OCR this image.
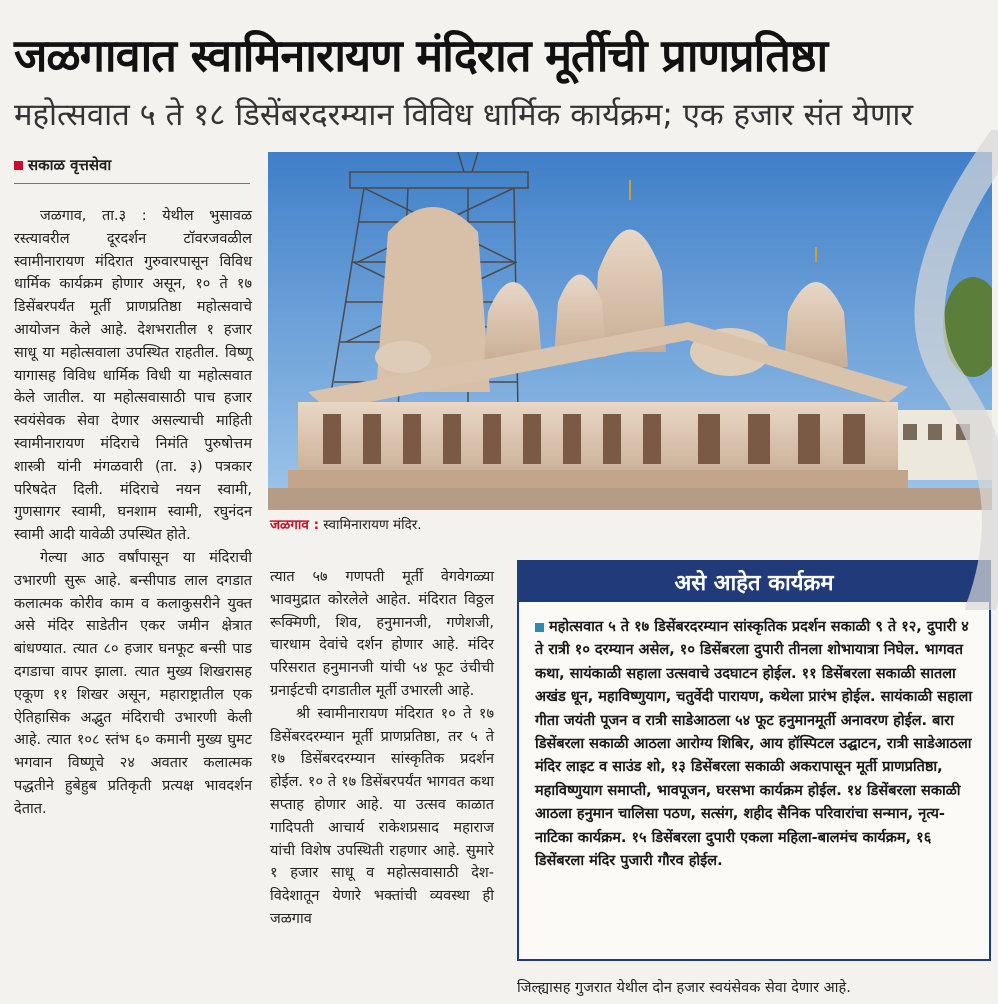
जळगावात स्वामिनारायण मंदिरात मूर्तीची प्राणप्रतिष्ठा
महोत्सवात ५ ते १८ डिसेंबरदरम्यान विविध धार्मिक कार्यक्रम; एक हजार संत येणार
सकाळ वृत्तसेवा

जळगाव, ता.३ : येथील भुसावळ रस्त्यावरील दूरदर्शन टॉवरजवळील स्वामीनारायण मंदिरात गुरुवारपासून विविध धार्मिक कार्यक्रम होणार असून, १० ते १७ डिसेंबरपर्यंत मूर्ती प्राणप्रतिष्ठा महोत्सवाचे आयोजन केले आहे. देशभरातील १ हजार साधू या महोत्सवाला उपस्थित राहतील. विष्णू यागासह विविध धार्मिक विधी या महोत्सवात केले जातील. या महोत्सवासाठी पाच हजार स्वयंसेवक सेवा देणार असल्याची माहिती स्वामीनारायण मंदिराचे निमंति पुरुषोत्तम शास्त्री यांनी मंगळवारी (ता. ३) पत्रकार परिषदेत दिली. मंदिराचे नयन स्वामी, गुणसागर स्वामी, घनशाम स्वामी, रघुनंदन स्वामी आदी यावेळी उपस्थित होते.

गेल्या आठ वर्षांपासून या मंदिराची उभारणी सुरू आहे. बन्सीपाड लाल दगडात कलात्मक कोरीव काम व कलाकुसरीने युक्त असे मंदिर साडेतीन एकर जमीन क्षेत्रात बांधण्यात. त्यात ८० हजार घनफूट बन्सी पाड दगडाचा वापर झाला. त्यात मुख्य शिखरासह एकूण ११ शिखर असून, महाराष्ट्रातील एक ऐतिहासिक अद्भुत मंदिराची उभारणी केली आहे. त्यात १०८ स्तंभ ६० कमानी मुख्य घुमट भगवान विष्णूचे २४ अवतार कलात्मक पद्धतीने हुबेहुब प्रतिकृती प्रत्यक्ष भावदर्शन देतात.

जळगाव : स्वामिनारायण मंदिर.

त्यात ५७ गणपती मूर्ती वेगवेगळ्या भावमुद्रात कोरलेले आहेत. मंदिरात विठ्ठल रूक्मिणी, शिव, हनुमानजी, गणेशजी, चारधाम देवांचे दर्शन होणार आहे. मंदिर परिसरात हनुमानजी यांची ५४ फूट उंचीची ग्रनाईटची दगडातील मूर्ती उभारली आहे.

श्री स्वामीनारायण मंदिरात १० ते १७ डिसेंबरदरम्यान मूर्ती प्राणप्रतिष्ठा, तर ५ ते १७ डिसेंबरदरम्यान सांस्कृतिक प्रदर्शन होईल. १० ते १७ डिसेंबरपर्यंत भागवत कथा सप्ताह होणार आहे. या उत्सव काळात गादिपती आचार्य राकेशप्रसाद महाराज यांची विशेष उपस्थिती राहणार आहे. सुमारे १ हजार साधू व महोत्सवासाठी देश-विदेशातून येणारे भक्तांची व्यवस्था ही जळगाव

असे आहेत कार्यक्रम
महोत्सवात ५ ते १७ डिसेंबरदरम्यान सांस्कृतिक प्रदर्शन सकाळी ९ ते १२, दुपारी ४ ते रात्री १० दरम्यान असेल, १० डिसेंबरला दुपारी तीनला शोभायात्रा निघेल. भागवत कथा, सायंकाळी सहाला उत्सवाचे उदघाटन होईल. ११ डिसेंबरला सकाळी सातला अखंड धून, महाविष्णुयाग, चतुर्वेदी पारायण, कथेला प्रारंभ होईल. सायंकाळी सहाला गीता जयंती पूजन व रात्री साडेआठला ५४ फूट हनुमानमूर्ती अनावरण होईल. बारा डिसेंबरला सकाळी आठला आरोग्य शिबिर, आय हॉस्पिटल उद्घाटन, रात्री साडेआठला मंदिर लाइट व साउंड शो, १३ डिसेंबरला सकाळी अकरापासून मूर्ती प्राणप्रतिष्ठा, महाविष्णुयाग समाप्ती, भावपूजन, घरसभा कार्यक्रम होईल. १४ डिसेंबरला सकाळी आठला हनुमान चालिसा पठण, सत्संग, शहीद सैनिक परिवारांचा सन्मान, नृत्य-नाटिका कार्यक्रम. १५ डिसेंबरला दुपारी एकला महिला-बालमंच कार्यक्रम, १६ डिसेंबरला मंदिर पुजारी गौरव होईल.
जिल्ह्यासह गुजरात येथील दोन हजार स्वयंसेवक सेवा देणार आहे.
